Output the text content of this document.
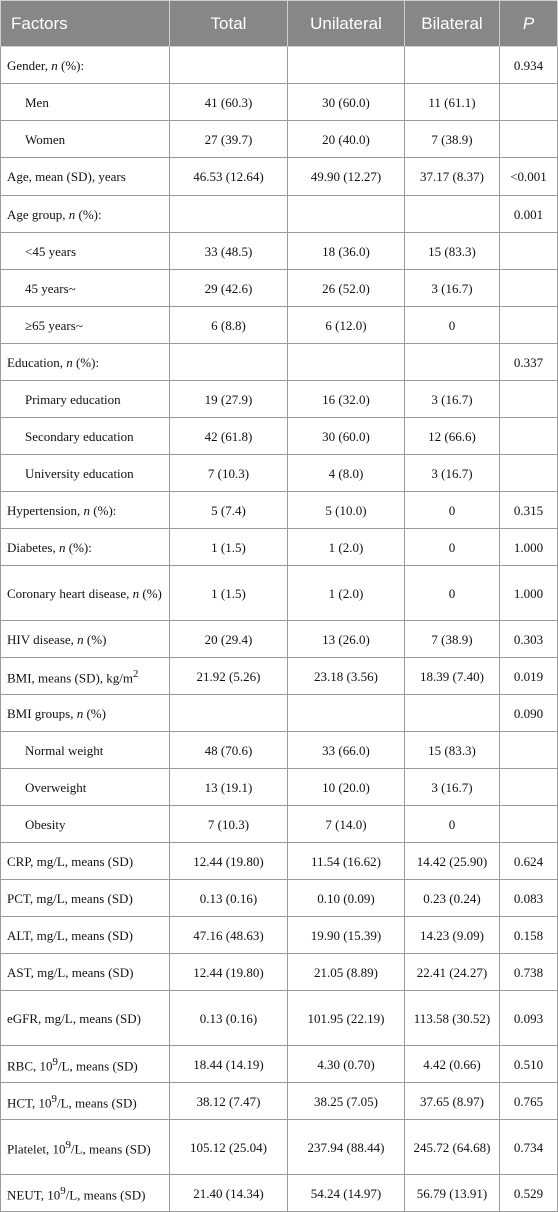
Factors	Total	Unilateral	Bilateral	P
Gender, n (%):				0.934
Men	41 (60.3)	30 (60.0)	11 (61.1)	
Women	27 (39.7)	20 (40.0)	7 (38.9)	
Age, mean (SD), years	46.53 (12.64)	49.90 (12.27)	37.17 (8.37)	<0.001
Age group, n (%):				0.001
<45 years	33 (48.5)	18 (36.0)	15 (83.3)	
45 years~	29 (42.6)	26 (52.0)	3 (16.7)	
≥65 years~	6 (8.8)	6 (12.0)	0	
Education, n (%):				0.337
Primary education	19 (27.9)	16 (32.0)	3 (16.7)	
Secondary education	42 (61.8)	30 (60.0)	12 (66.6)	
University education	7 (10.3)	4 (8.0)	3 (16.7)	
Hypertension, n (%):	5 (7.4)	5 (10.0)	0	0.315
Diabetes, n (%):	1 (1.5)	1 (2.0)	0	1.000
Coronary heart disease, n (%)	1 (1.5)	1 (2.0)	0	1.000
HIV disease, n (%)	20 (29.4)	13 (26.0)	7 (38.9)	0.303
BMI, means (SD), $kg/m^2$	21.92 (5.26)	23.18 (3.56)	18.39 (7.40)	0.019
BMI groups, n (%)				0.090
Normal weight	48 (70.6)	33 (66.0)	15 (83.3)	
Overweight	13 (19.1)	10 (20.0)	3 (16.7)	
Obesity	7 (10.3)	7 (14.0)	0	
CRP, mg/L, means (SD)	12.44 (19.80)	11.54 (16.62)	14.42 (25.90)	0.624
PCT, mg/L, means (SD)	0.13 (0.16)	0.10 (0.09)	0.23 (0.24)	0.083
ALT, mg/L, means (SD)	47.16 (48.63)	19.90 (15.39)	14.23 (9.09)	0.158
AST, mg/L, means (SD)	12.44 (19.80)	21.05 (8.89)	22.41 (24.27)	0.738
eGFR, mg/L, means (SD)	0.13 (0.16)	101.95 (22.19)	113.58 (30.52)	0.093
RBC, $10^9/L$, means (SD)	18.44 (14.19)	4.30 (0.70)	4.42 (0.66)	0.510
HCT, $10^9/L$, means (SD)	38.12 (7.47)	38.25 (7.05)	37.65 (8.97)	0.765
Platelet, $10^9/L$, means (SD)	105.12 (25.04)	237.94 (88.44)	245.72 (64.68)	0.734
NEUT, $10^9/L$, means (SD)	21.40 (14.34)	54.24 (14.97)	56.79 (13.91)	0.529
